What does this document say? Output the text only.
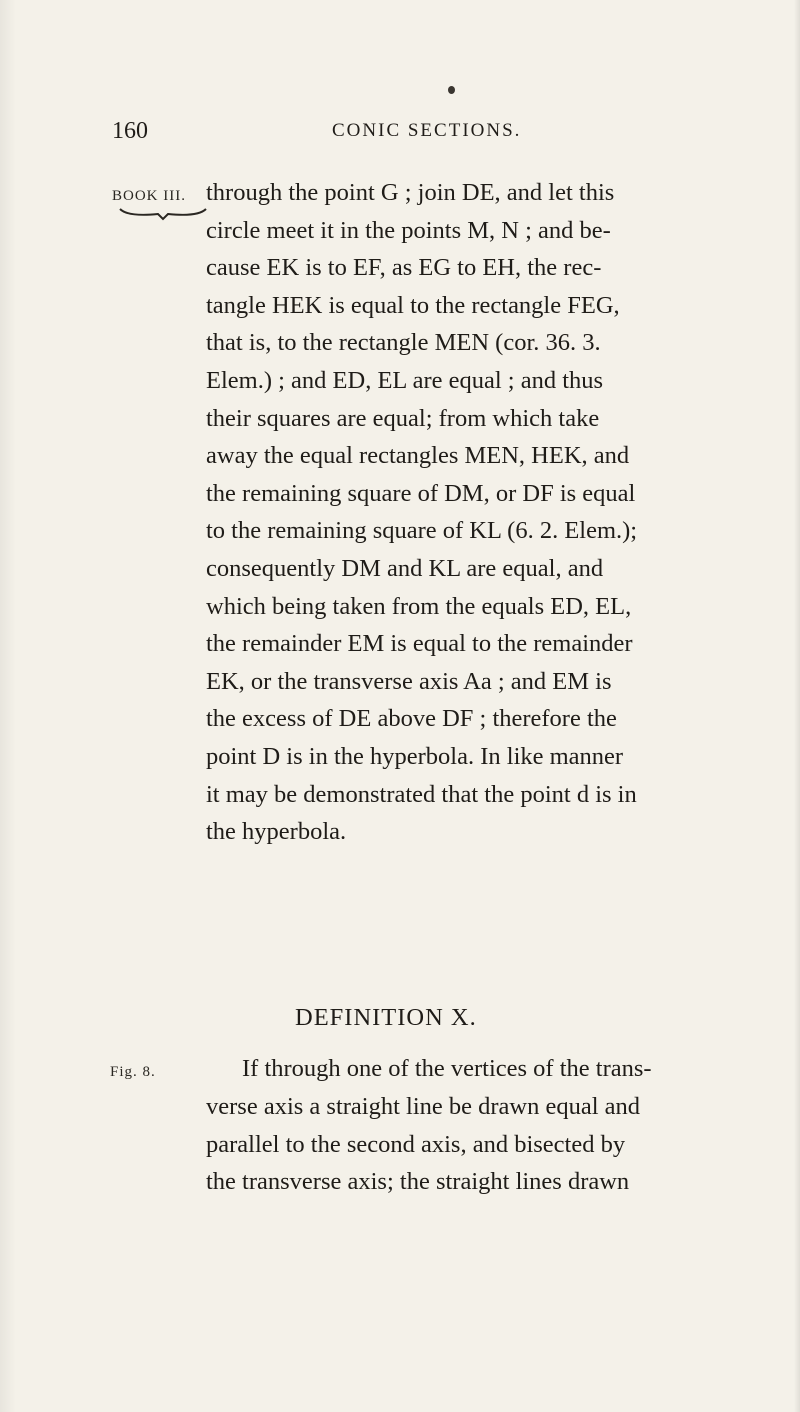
160	CONIC SECTIONS.
BOOK III. through the point G ; join DE, and let this
circle meet it in the points M, N ; and be-
cause EK is to EF, as EG to EH, the rec-
tangle HEK is equal to the rectangle FEG,
that is, to the rectangle MEN (cor. 36. 3.
Elem.) ; and ED, EL are equal ; and thus
their squares are equal; from which take
away the equal rectangles MEN, HEK, and
the remaining square of DM, or DF is equal
to the remaining square of KL (6. 2. Elem.);
consequently DM and KL are equal, and
which being taken from the equals ED, EL,
the remainder EM is equal to the remainder
EK, or the transverse axis Aa ; and EM is
the excess of DE above DF ; therefore the
point D is in the hyperbola. In like manner
it may be demonstrated that the point d is in
the hyperbola.
DEFINITION X.
Fig. 8.	If through one of the vertices of the trans-
verse axis a straight line be drawn equal and
parallel to the second axis, and bisected by
the transverse axis; the straight lines drawn
